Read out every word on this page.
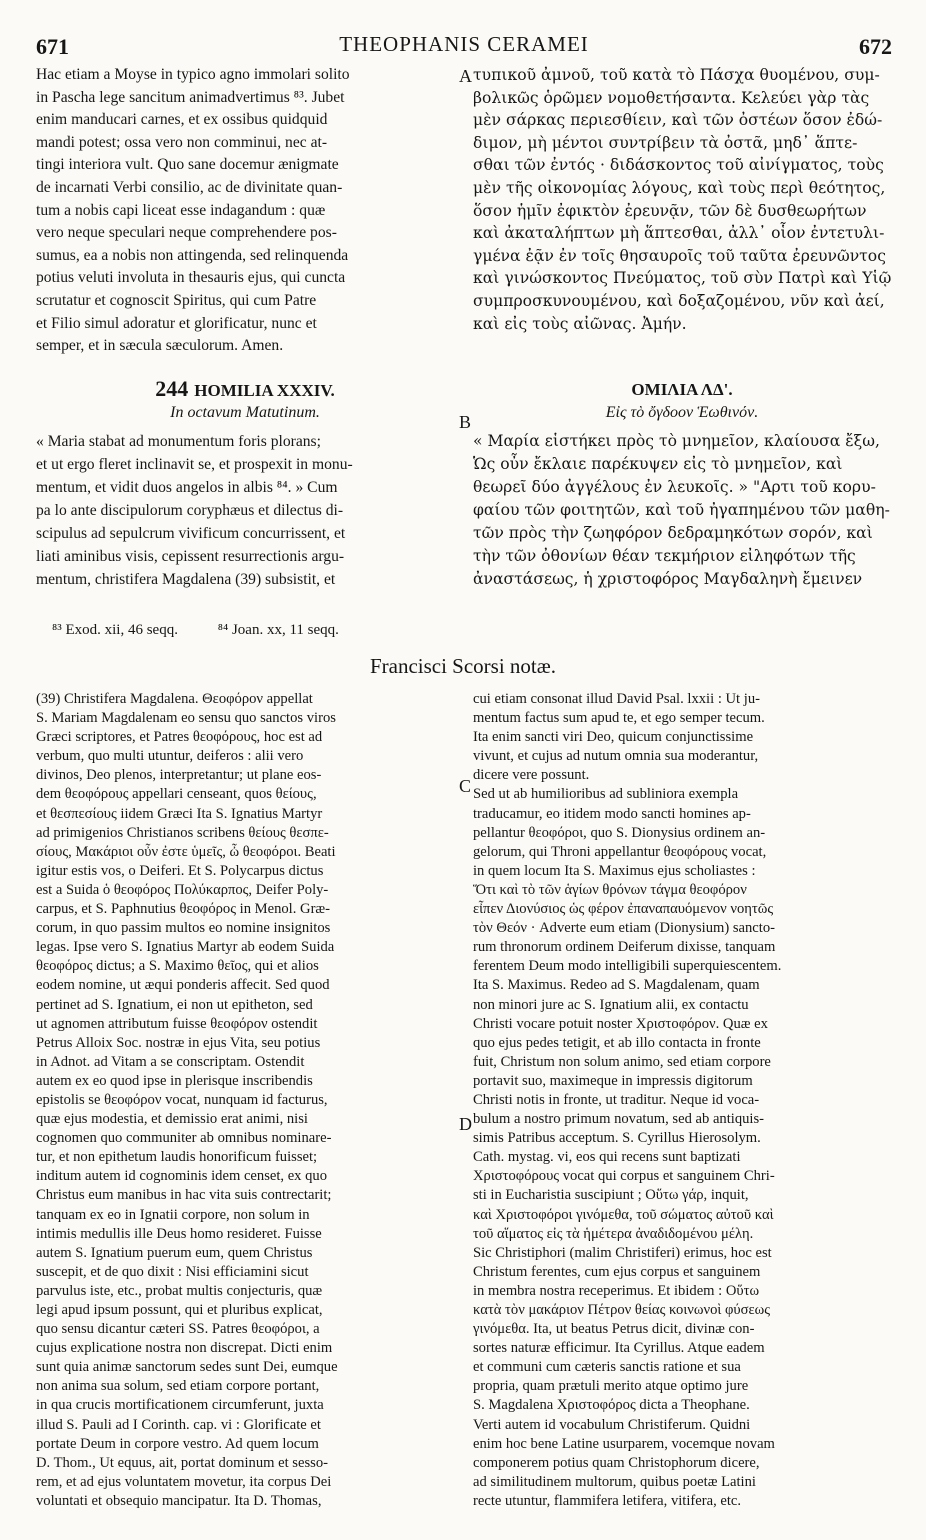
671	THEOPHANIS CERAMEI	672
A
B
C
D
Hac etiam a Moyse in typico agno immolari solito
in Pascha lege sancitum animadvertimus ⁸³. Jubet
enim manducari carnes, et ex ossibus quidquid
mandi potest; ossa vero non comminui, nec at-
tingi interiora vult. Quo sane docemur ænigmate
de incarnati Verbi consilio, ac de divinitate quan-
tum a nobis capi liceat esse indagandum : quæ
vero neque speculari neque comprehendere pos-
sumus, ea a nobis non attingenda, sed relinquenda
potius veluti involuta in thesauris ejus, qui cuncta
scrutatur et cognoscit Spiritus, qui cum Patre
et Filio simul adoratur et glorificatur, nunc et
semper, et in sæcula sæculorum. Amen.
τυπικοῦ ἀμνοῦ, τοῦ κατὰ τὸ Πάσχα θυομένου, συμ-
βολικῶς ὁρῶμεν νομοθετήσαντα. Κελεύει γὰρ τὰς
μὲν σάρκας περιεσθίειν, καὶ τῶν ὀστέων ὅσον ἐδώ-
διμον, μὴ μέντοι συντρίβειν τὰ ὀστᾶ, μηδ᾽ ἅπτε-
σθαι τῶν ἐντός · διδάσκοντος τοῦ αἰνίγματος, τοὺς
μὲν τῆς οἰκονομίας λόγους, καὶ τοὺς περὶ θεότητος,
ὅσον ἡμῖν ἐφικτὸν ἐρευνᾷν, τῶν δὲ δυσθεωρήτων
καὶ ἀκαταλήπτων μὴ ἅπτεσθαι, ἀλλ᾽ οἷον ἐντετυλι-
γμένα ἐᾷν ἐν τοῖς θησαυροῖς τοῦ ταῦτα ἐρευνῶντος
καὶ γινώσκοντος Πνεύματος, τοῦ σὺν Πατρὶ καὶ Υἱῷ
συμπροσκυνουμένου, καὶ δοξαζομένου, νῦν καὶ ἀεί,
καὶ εἰς τοὺς αἰῶνας. Ἀμήν.
244 HOMILIA XXXIV.
In octavum Matutinum.
ΟΜΙΛΙΑ ΛΔ'.
Εἰς τὸ ὄγδοον Ἑωθινόν.
« Maria stabat ad monumentum foris plorans;
et ut ergo fleret inclinavit se, et prospexit in monu-
mentum, et vidit duos angelos in albis ⁸⁴. » Cum
pa lo ante discipulorum coryphæus et dilectus di-
scipulus ad sepulcrum vivificum concurrissent, et
liati aminibus visis, cepissent resurrectionis argu-
mentum, christifera Magdalena (39) subsistit, et
« Μαρία εἱστήκει πρὸς τὸ μνημεῖον, κλαίουσα ἔξω,
Ὡς οὖν ἔκλαιε παρέκυψεν εἰς τὸ μνημεῖον, καὶ
θεωρεῖ δύο ἀγγέλους ἐν λευκοῖς. » "Αρτι τοῦ κορυ-
φαίου τῶν φοιτητῶν, καὶ τοῦ ἠγαπημένου τῶν μαθη-
τῶν πρὸς τὴν ζωηφόρον δεδραμηκότων σορόν, καὶ
τὴν τῶν ὀθονίων θέαν τεκμήριον εἰληφότων τῆς
ἀναστάσεως, ἡ χριστοφόρος Μαγδαληνὴ ἔμεινεν
⁸³ Exod. xii, 46 seqq.	⁸⁴ Joan. xx, 11 seqq.
Francisci Scorsi notæ.
(39) Christifera Magdalena. Θεοφόρον appellat
S. Mariam Magdalenam eo sensu quo sanctos viros
Græci scriptores, et Patres θεοφόρους, hoc est ad
verbum, quo multi utuntur, deiferos : alii vero
divinos, Deo plenos, interpretantur; ut plane eos-
dem θεοφόρους appellari censeant, quos θείους,
et θεσπεσίους iidem Græci Ita S. Ignatius Martyr
ad primigenios Christianos scribens θείους θεσπε-
σίους, Μακάριοι οὖν ἐστε ὑμεῖς, ὦ θεοφόροι. Beati
igitur estis vos, o Deiferi. Et S. Polycarpus dictus
est a Suida ὁ θεοφόρος Πολύκαρπος, Deifer Poly-
carpus, et S. Paphnutius θεοφόρος in Menol. Græ-
corum, in quo passim multos eo nomine insignitos
legas. Ipse vero S. Ignatius Martyr ab eodem Suida
θεοφόρος dictus; a S. Maximo θεῖος, qui et alios
eodem nomine, ut æqui ponderis affecit. Sed quod
pertinet ad S. Ignatium, ei non ut epitheton, sed
ut agnomen attributum fuisse θεοφόρον ostendit
Petrus Alloix Soc. nostræ in ejus Vita, seu potius
in Adnot. ad Vitam a se conscriptam. Ostendit
autem ex eo quod ipse in plerisque inscribendis
epistolis se θεοφόρον vocat, nunquam id facturus,
quæ ejus modestia, et demissio erat animi, nisi
cognomen quo communiter ab omnibus nominare-
tur, et non epithetum laudis honorificum fuisset;
inditum autem id cognominis idem censet, ex quo
Christus eum manibus in hac vita suis contrectarit;
tanquam ex eo in Ignatii corpore, non solum in
intimis medullis ille Deus homo resideret. Fuisse
autem S. Ignatium puerum eum, quem Christus
suscepit, et de quo dixit : Nisi efficiamini sicut
parvulus iste, etc., probat multis conjecturis, quæ
legi apud ipsum possunt, qui et pluribus explicat,
quo sensu dicantur cæteri SS. Patres θεοφόροι, a
cujus explicatione nostra non discrepat. Dicti enim
sunt quia animæ sanctorum sedes sunt Dei, eumque
non anima sua solum, sed etiam corpore portant,
in qua crucis mortificationem circumferunt, juxta
illud S. Pauli ad I Corinth. cap. vi : Glorificate et
portate Deum in corpore vestro. Ad quem locum
D. Thom., Ut equus, ait, portat dominum et sesso-
rem, et ad ejus voluntatem movetur, ita corpus Dei
voluntati et obsequio mancipatur. Ita D. Thomas,
cui etiam consonat illud David Psal. lxxii : Ut ju-
mentum factus sum apud te, et ego semper tecum.
Ita enim sancti viri Deo, quicum conjunctissime
vivunt, et cujus ad nutum omnia sua moderantur,
dicere vere possunt.
Sed ut ab humilioribus ad subliniora exempla
traducamur, eo itidem modo sancti homines ap-
pellantur θεοφόροι, quo S. Dionysius ordinem an-
gelorum, qui Throni appellantur θεοφόρους vocat,
in quem locum Ita S. Maximus ejus scholiastes :
Ὅτι καὶ τὸ τῶν ἁγίων θρόνων τάγμα θεοφόρον
εἶπεν Διονύσιος ὡς φέρον ἐπαναπαυόμενον νοητῶς
τὸν Θεόν · Adverte eum etiam (Dionysium) sancto-
rum thronorum ordinem Deiferum dixisse, tanquam
ferentem Deum modo intelligibili superquiescentem.
Ita S. Maximus. Redeo ad S. Magdalenam, quam
non minori jure ac S. Ignatium alii, ex contactu
Christi vocare potuit noster Χριστοφόρον. Quæ ex
quo ejus pedes tetigit, et ab illo contacta in fronte
fuit, Christum non solum animo, sed etiam corpore
portavit suo, maximeque in impressis digitorum
Christi notis in fronte, ut traditur. Neque id voca-
bulum a nostro primum novatum, sed ab antiquis-
simis Patribus acceptum. S. Cyrillus Hierosolym.
Cath. mystag. vi, eos qui recens sunt baptizati
Χριστοφόρους vocat qui corpus et sanguinem Chri-
sti in Eucharistia suscipiunt ; Οὕτω γάρ, inquit,
καὶ Χριστοφόροι γινόμεθα, τοῦ σώματος αὐτοῦ καὶ
τοῦ αἵματος εἰς τὰ ἡμέτερα ἀναδιδομένου μέλη.
Sic Christiphori (malim Christiferi) erimus, hoc est
Christum ferentes, cum ejus corpus et sanguinem
in membra nostra receperimus. Et ibidem : Οὕτω
κατὰ τὸν μακάριον Πέτρον θείας κοινωνοὶ φύσεως
γινόμεθα. Ita, ut beatus Petrus dicit, divinæ con-
sortes naturæ efficimur. Ita Cyrillus. Atque eadem
et communi cum cæteris sanctis ratione et sua
propria, quam prætuli merito atque optimo jure
S. Magdalena Χριστοφόρος dicta a Theophane.
Verti autem id vocabulum Christiferum. Quidni
enim hoc bene Latine usurparem, vocemque novam
componerem potius quam Christophorum dicere,
ad similitudinem multorum, quibus poetæ Latini
recte utuntur, flammifera letifera, vitifera, etc.
